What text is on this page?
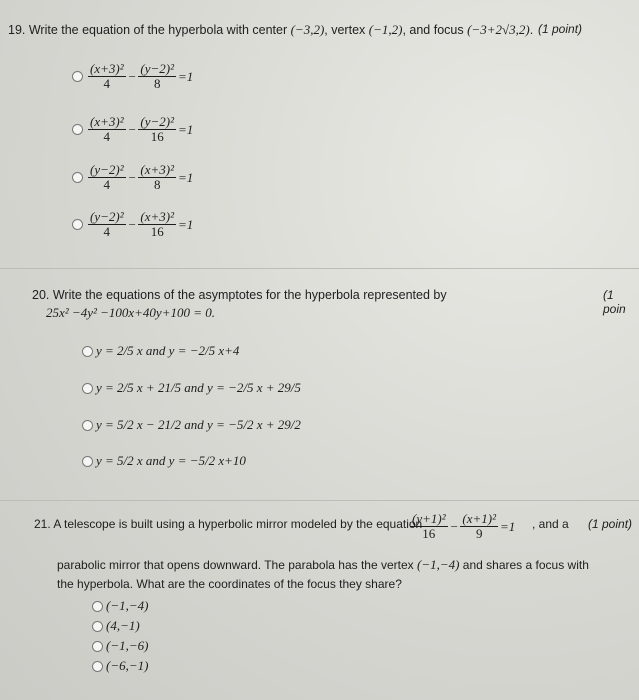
19. Write the equation of the hyperbola with center (−3,2), vertex (−1,2), and focus (−3+2√3,2). (1 point)
$\frac{\text{(x+3)²}}{4} - \frac{\text{(y−2)²}}{8} =1$
$\frac{\text{(x+3)²}}{4} - \frac{\text{(y−2)²}}{16} =1$
$\frac{\text{(y−2)²}}{4} - \frac{\text{(x+3)²}}{8} =1$
$\frac{\text{(y−2)²}}{4} - \frac{\text{(x+3)²}}{16} =1$
20. Write the equations of the asymptotes for the hyperbola represented by	(1 poin
25x² −4y² −100x+40y+100 = 0.
y = 2/5 x and y = −2/5 x+4
y = 2/5 x + 21/5 and y = −2/5 x + 29/5
y = 5/2 x − 21/2 and y = −5/2 x + 29/2
y = 5/2 x and y = −5/2 x+10
21. A telescope is built using a hyperbolic mirror modeled by the equation
$\frac{\text{(y+1)²}}{16} - \frac{\text{(x+1)²}}{9} =1$ , and a (1 point)
parabolic mirror that opens downward. The parabola has the vertex (−1,−4) and shares a focus with
the hyperbola. What are the coordinates of the focus they share?
(−1,−4)
(4,−1)
(−1,−6)
(−6,−1)
